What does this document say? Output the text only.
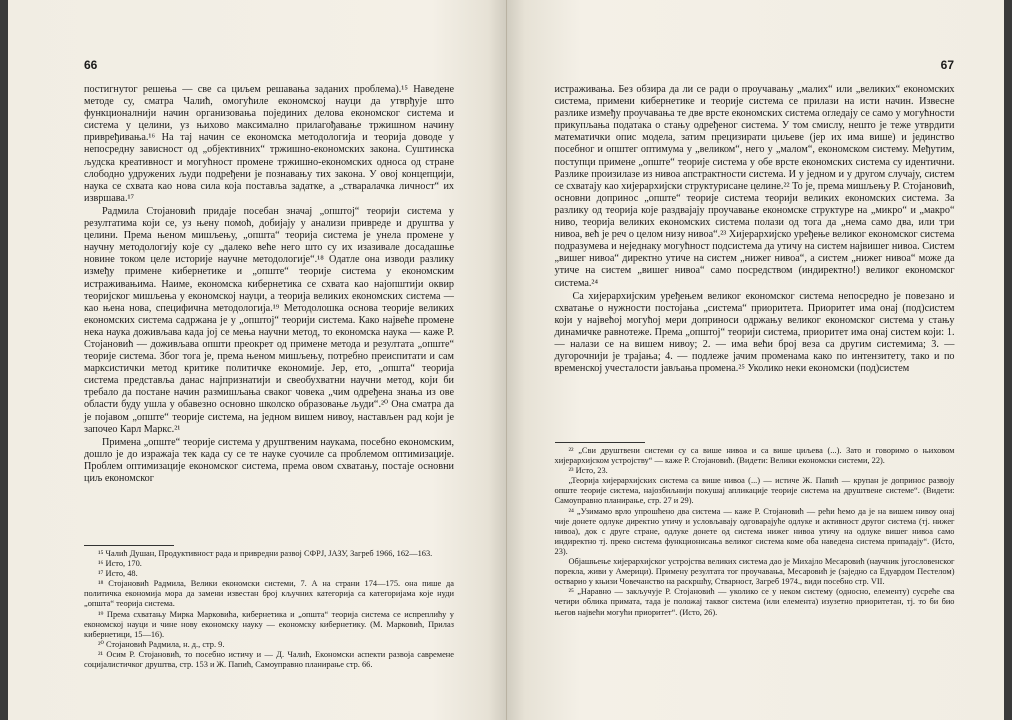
66

постигнутог решења — све са циљем решавања заданих проблема).¹⁵ Наведене методе су, сматра Чалић, омогућиле економској науци да утврђује што функционалнији начин организовања појединих делова економског система и система у целини, уз њихово максимално прилагођавање тржишном начину привређивања.¹⁶ На тај начин се економска методологија и теорија доводе у непосредну зависност од „објективних“ тржишно-економских закона. Суштинска људска креативност и могућност промене тржишно-економских односа од стране слободно удружених људи подређени је познавању тих закона. У овој концепцији, наука се схвата као нова сила која поставља задатке, а „стваралачка личност“ их извршава.¹⁷

Радмила Стојановић придаје посебан значај „општој“ теорији система у резултатима који се, уз њену помоћ, добијају у анализи привреде и друштва у целини. Према њеном мишљењу, „општа“ теорија система је унела промене у научну методологију које су „далеко веће него што су их изазивале досадашње новине током целе историје научне методологије“.¹⁸ Одатле она изводи разлику између примене кибернетике и „опште“ теорије система у економским истраживањима. Наиме, економска кибернетика се схвата као најопштији оквир теоријског мишљења у економској науци, а теорија великих економских система — као њена нова, специфична методологија.¹⁹ Методолошка основа теорије великих економских система садржана је у „општој“ теорији система. Како највеће промене нека наука доживљава када јој се мења научни метод, то економска наука — каже Р. Стојановић — доживљава општи преокрет од примене метода и резултата „опште“ теорије система. Због тога је, према њеном мишљењу, потребно преиспитати и сам марксистички метод критике политичке економије. Јер, ето, „општа“ теорија система представља данас најпризнатији и свеобухватни научни метод, који би требало да постане начин размишљања сваког човека „чим одређена знања из ове области буду ушла у обавезно основно школско образовање људи“.²⁰ Она сматра да је појавом „опште“ теорије система, на једном вишем нивоу, настављен рад који је започео Карл Маркс.²¹

Примена „опште“ теорије система у друштвеним наукама, посебно економским, дошло је до изражаја тек када су се те науке суочиле са проблемом оптимизације. Проблем оптимизације економског система, према овом схватању, постаје основни циљ економског

¹⁵ Чалић Душан, Продуктивност рада и привредни развој СФРЈ, ЈАЗУ, Загреб 1966, 162—163.

¹⁶ Исто, 170.

¹⁷ Исто, 48.

¹⁸ Стојановић Радмила, Велики економски системи, 7. А на страни 174—175. она пише да политичка економија мора да замени известан број кључних категорија са категоријама које нуди „општа“ теорија система.

¹⁹ Према схватању Мирка Марковића, кибернетика и „општа“ теорија система се испреплићу у економској науци и чине нову економску науку — економску кибернетику. (М. Марковић, Прилаз кибернетици, 15—16).

²⁰ Стојановић Радмила, н. д., стр. 9.

²¹ Осим Р. Стојановић, то посебно истичу и — Д. Чалић, Економски аспекти развоја савремене социјалистичког друштва, стр. 153 и Ж. Папић, Самоуправно планирање стр. 66.

67

истраживања. Без обзира да ли се ради о проучавању „малих“ или „великих“ економских система, примени кибернетике и теорије система се прилази на исти начин. Извесне разлике између проучавања те две врсте економских система огледају се само у могућности прикупљања података о стању одређеног система. У том смислу, нешто је теже утврдити математички опис модела, затим прецизирати циљеве (јер их има више) и јединство посебног и општег оптимума у „великом“, него у „малом“, економском систему. Међутим, поступци примене „опште“ теорије система у обе врсте економских система су идентични. Разлике произилазе из нивоа апстрактности система. И у једном и у другом случају, систем се схватају као хијерархијски структурисане целине.²² То је, према мишљењу Р. Стојановић, основни допринос „опште“ теорије система теорији великих економских система. За разлику од теорија које раздвајају проучавање економске структуре на „микро“ и „макро“ ниво, теорија великих економских система полази од тога да „нема само два, или три нивоа, већ је реч о целом низу нивоа“.²³ Хијерархијско уређење великог економског система подразумева и неједнаку могућност подсистема да утичу на систем највишег нивоа. Систем „вишег нивоа“ директно утиче на систем „нижег нивоа“, а систем „нижег нивоа“ може да утиче на систем „вишег нивоа“ само посредством (индиректно!) великог економског система.²⁴

Са хијерархијским уређењем великог економског система непосредно је повезано и схватање о нужности постојања „система“ приоритета. Приоритет има онај (под)систем који у највећој могућој мери доприноси одржању великог економског система у стању динамичке равнотеже. Према „општој“ теорији система, приоритет има онај систем који: 1. — налази се на вишем нивоу; 2. — има већи број веза са другим системима; 3. — дугорочнији је трајања; 4. — подлеже јачим променама како по интензитету, тако и по временској учесталости јављања промена.²⁵ Уколико неки економски (под)систем

²² „Сви друштвени системи су са више нивоа и са више циљева (...). Зато и говоримо о њиховом хијерархијском устројству“ — каже Р. Стојановић. (Видети: Велики економски системи, 22).

²³ Исто, 23.

„Теорија хијерархијских система са више нивоа (...) — истиче Ж. Папић — крупан је допринос развоју опште теорије система, најозбиљнији покушај апликације теорије система на друштвене системе“. (Видети: Самоуправно планирање, стр. 27 и 29).

²⁴ „Узимамо врло упрошћено два система — каже Р. Стојановић — рећи ћемо да је на вишем нивоу онај чије донете одлуке директно утичу и условљавају одговарајуће одлуке и активност другог система (тј. нижег нивоа), док с друге стране, одлуке донете од система нижег нивоа утичу на одлуке вишег нивоа само индиректно тј. преко система функционисања великог система коме оба наведена система припадају“. (Исто, 23).

Објашњење хијерархијског устројства великих система дао је Михајло Месаровић (научник југословенског порекла, живи у Америци). Примену резултата тог проучавања, Месаровић је (заједно са Едуардом Пестелом) остварио у књизи Човечанство на раскршћу, Стварност, Загреб 1974., види посебно стр. VII.

²⁵ „Наравно — закључује Р. Стојановић — уколико се у неком систему (односно, елементу) сусреће сва четири облика примата, тада је положај таквог система (или елемента) изузетно приоритетан, тј. то би био његов највећи могући приоритет“. (Исто, 26).
